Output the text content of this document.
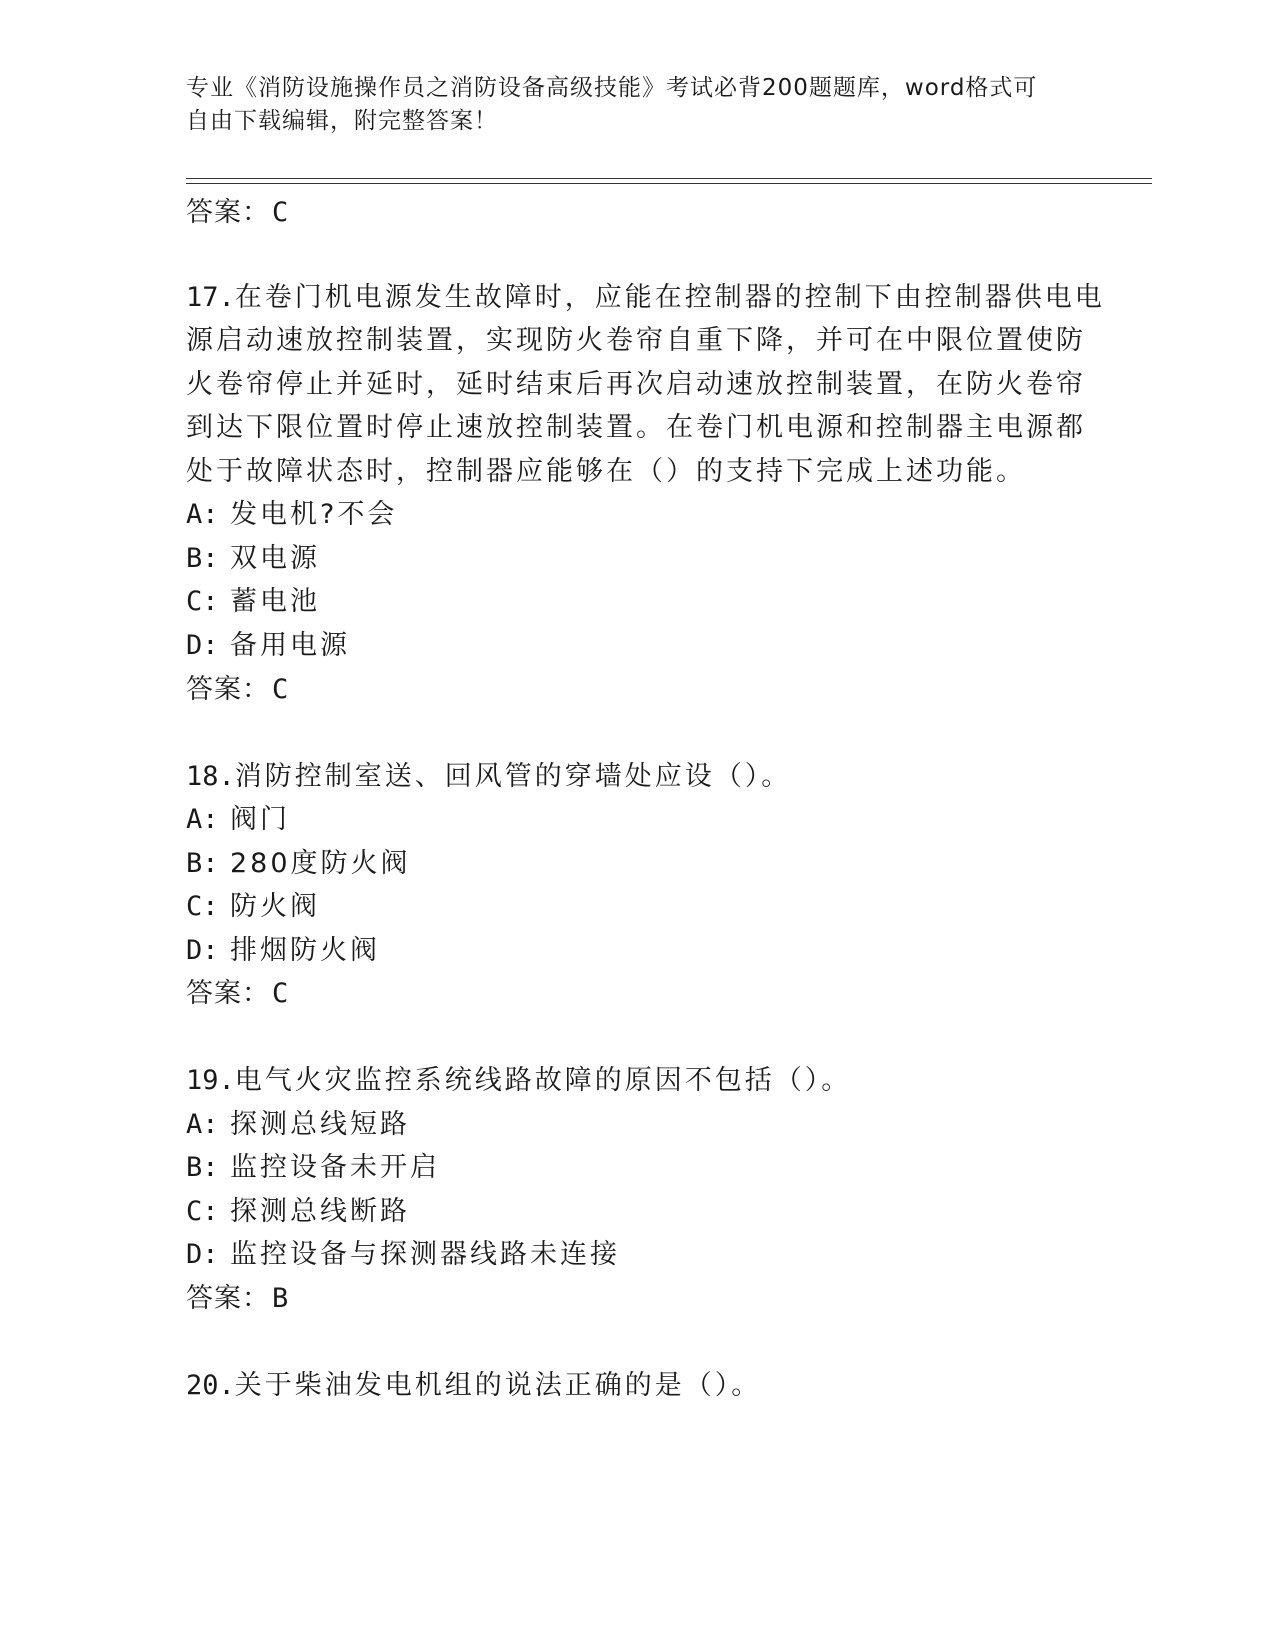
专业《消防设施操作员之消防设备高级技能》考试必背200题题库，word格式可
自由下载编辑，附完整答案！
答案：C
17.在卷门机电源发生故障时，应能在控制器的控制下由控制器供电电
源启动速放控制装置，实现防火卷帘自重下降，并可在中限位置使防
火卷帘停止并延时，延时结束后再次启动速放控制装置，在防火卷帘
到达下限位置时停止速放控制装置。在卷门机电源和控制器主电源都
处于故障状态时，控制器应能够在（）的支持下完成上述功能。
A: 发电机?不会
B: 双电源
C: 蓄电池
D: 备用电源
答案：C
18.消防控制室送、回风管的穿墙处应设（）。
A: 阀门
B: 280度防火阀
C: 防火阀
D: 排烟防火阀
答案：C
19.电气火灾监控系统线路故障的原因不包括（）。
A: 探测总线短路
B: 监控设备未开启
C: 探测总线断路
D: 监控设备与探测器线路未连接
答案：B
20.关于柴油发电机组的说法正确的是（）。
